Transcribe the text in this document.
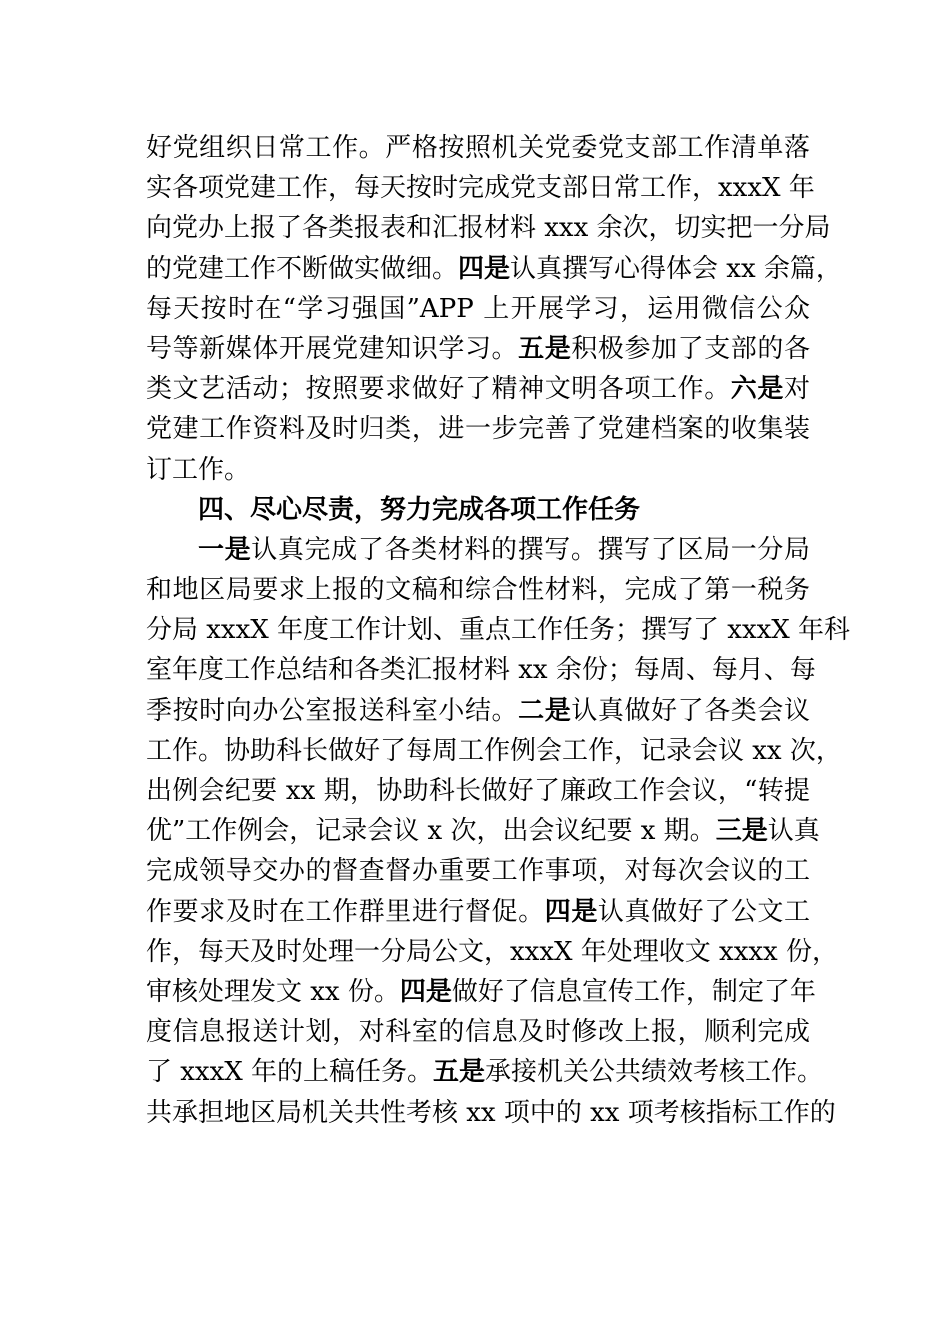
好党组织日常工作。严格按照机关党委党支部工作清单落
实各项党建工作，每天按时完成党支部日常工作，xxxX 年
向党办上报了各类报表和汇报材料 xxx 余次，切实把一分局
的党建工作不断做实做细。四是认真撰写心得体会 xx 余篇，
每天按时在“学习强国”APP 上开展学习，运用微信公众
号等新媒体开展党建知识学习。五是积极参加了支部的各
类文艺活动；按照要求做好了精神文明各项工作。六是对
党建工作资料及时归类，进一步完善了党建档案的收集装
订工作。
四、尽心尽责，努力完成各项工作任务
一是认真完成了各类材料的撰写。撰写了区局一分局
和地区局要求上报的文稿和综合性材料，完成了第一税务
分局 xxxX 年度工作计划、重点工作任务；撰写了 xxxX 年科
室年度工作总结和各类汇报材料 xx 余份；每周、每月、每
季按时向办公室报送科室小结。二是认真做好了各类会议
工作。协助科长做好了每周工作例会工作，记录会议 xx 次，
出例会纪要 xx 期，协助科长做好了廉政工作会议，“转提
优”工作例会，记录会议 x 次，出会议纪要 x 期。三是认真
完成领导交办的督查督办重要工作事项，对每次会议的工
作要求及时在工作群里进行督促。四是认真做好了公文工
作，每天及时处理一分局公文，xxxX 年处理收文 xxxx 份，
审核处理发文 xx 份。四是做好了信息宣传工作，制定了年
度信息报送计划，对科室的信息及时修改上报，顺利完成
了 xxxX 年的上稿任务。五是承接机关公共绩效考核工作。
共承担地区局机关共性考核 xx 项中的 xx 项考核指标工作的
